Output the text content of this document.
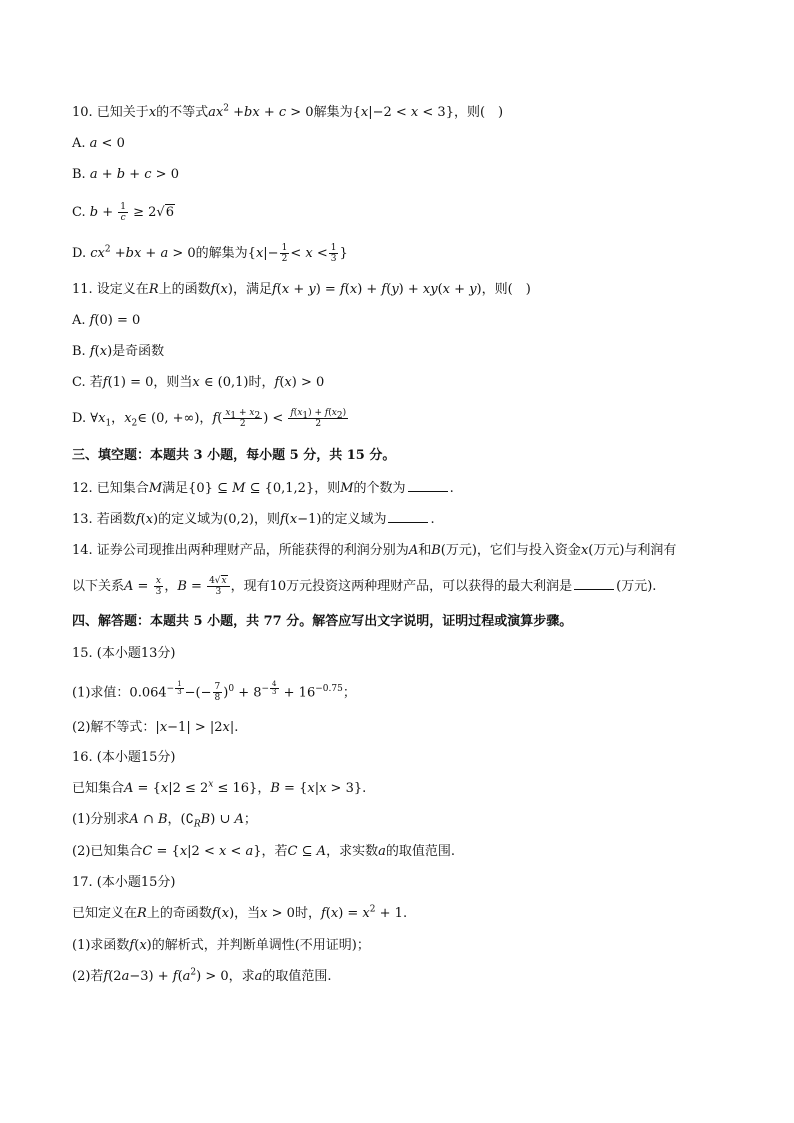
10. 已知关于x的不等式$ax^2 +bx + c > 0$解集为{x|−2 < x < 3}，则(　)
A. a < 0
B. a + b + c > 0
C. $b + \frac{1}{c} \ge 2√6$
D. $cx^2 +bx + a > 0$的解集为{$x|- \frac{1}{2} < x < \frac{1}{3}$ }
11. 设定义在R上的函数f(x)，满足f(x + y) = f(x) + f(y) + xy(x + y)，则(　)
A. f(0) = 0
B. f(x)是奇函数
C. 若f(1) = 0，则当x ∈ (0,1)时，f(x) > 0
D. $\forall x_1$，$x_2\in$ (0, +∞)，$f( \frac{x_1 + x_2}{2}$ ) < $\frac{f(x_1) + f(x_2)}{2}$
三、填空题：本题共 3 小题，每小题 5 分，共 15 分。
12. 已知集合M满足{0} ⊆ M ⊆ {0,1,2}，则M的个数为	.
13. 若函数f(x)的定义域为(0,2)，则f(x−1)的定义域为	.
14. 证券公司现推出两种理财产品，所能获得的利润分别为A和B(万元)，它们与投入资金x(万元)与利润有
以下关系$A = \frac{x}{3}$ ，$B = \frac{4√x}{3}$ ，现有10万元投资这两种理财产品，可以获得的最大利润是	(万元).
四、解答题：本题共 5 小题，共 77 分。解答应写出文字说明，证明过程或演算步骤。
15. (本小题13分)
(1)求值：$0.064^{- \frac{1}{3}}$ −(− $\frac{7}{8} )^0 + 8^{- \frac{4}{3}} + 16^{-0.75}$；
(2)解不等式：|x−1| > |2x|.
16. (本小题15分)
已知集合$A = \{x|2 \le 2^x \le 16\}$，B = {x|x > 3}.
(1)分别求A ∩ B，$(∁_RB)$ ∪ A；
(2)已知集合C = {x|2 < x < a}，若C ⊆ A，求实数a的取值范围.
17. (本小题15分)
已知定义在R上的奇函数f(x)，当x > 0时，$f(x) = x^2 + 1$.
(1)求函数f(x)的解析式，并判断单调性(不用证明)；
(2)若$f(2a-3) + f(a^2) > 0$，求a的取值范围.
